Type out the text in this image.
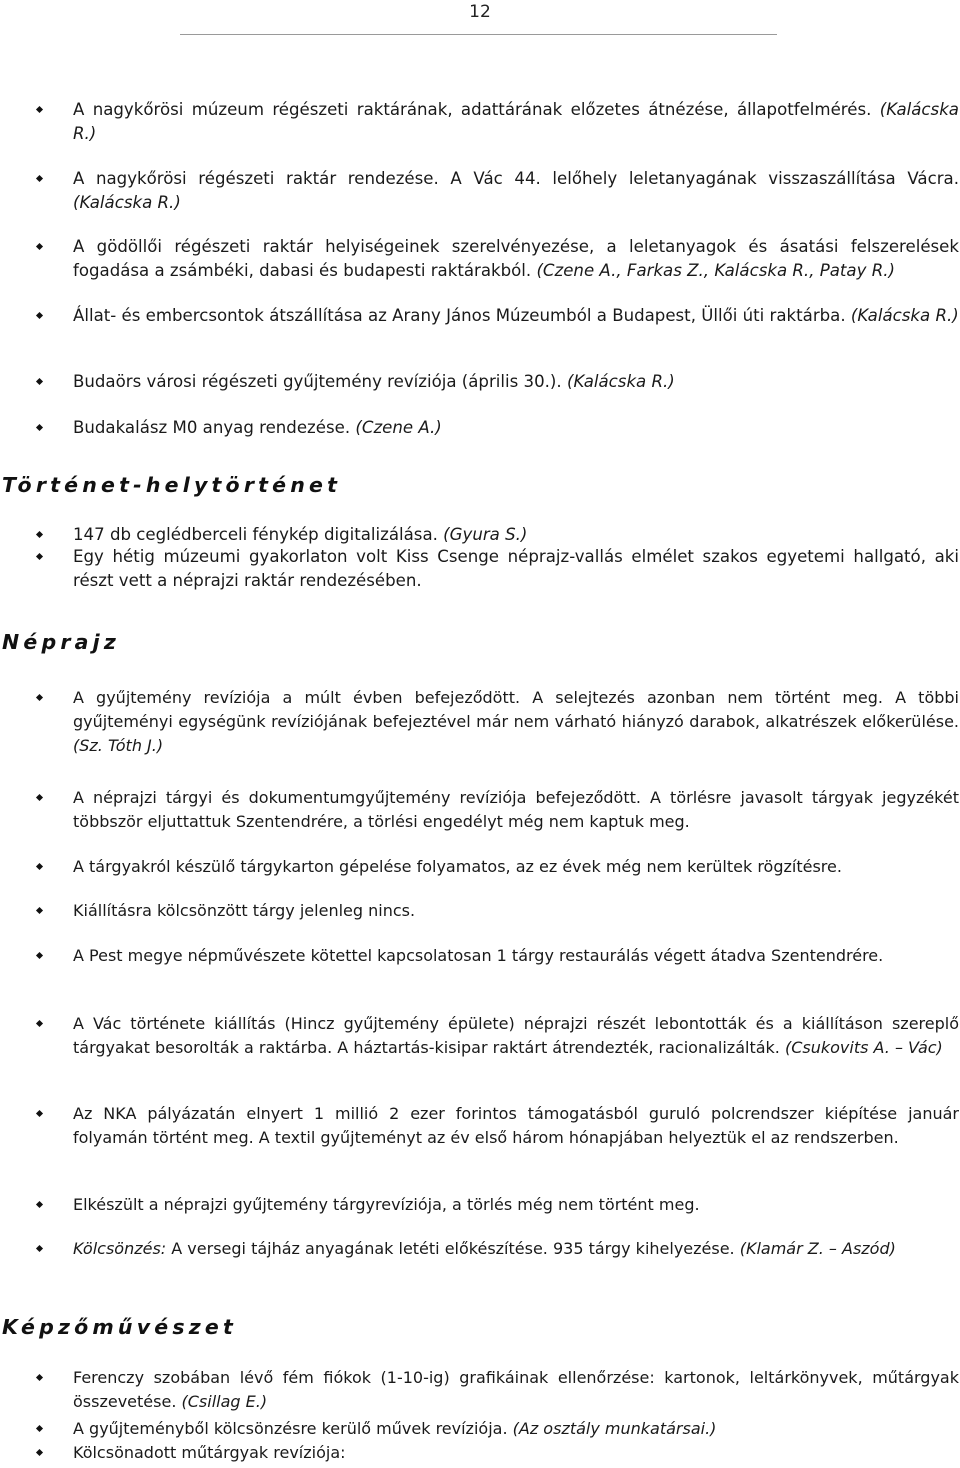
12
A nagykőrösi múzeum régészeti raktárának, adattárának előzetes átnézése, állapotfelmérés. (Kalácska R.)
A nagykőrösi régészeti raktár rendezése. A Vác 44. lelőhely leletanyagának visszaszállítása Vácra. (Kalácska R.)
A gödöllői régészeti raktár helyiségeinek szerelvényezése, a leletanyagok és ásatási felszerelések fogadása a zsámbéki, dabasi és budapesti raktárakból. (Czene A., Farkas Z., Kalácska R., Patay R.)
Állat- és embercsontok átszállítása az Arany János Múzeumból a Budapest, Üllői úti raktárba. (Kalácska R.)
Budaörs városi régészeti gyűjtemény revíziója (április 30.). (Kalácska R.)
Budakalász M0 anyag rendezése. (Czene A.)
Történet-helytörténet
147 db ceglédberceli fénykép digitalizálása. (Gyura S.)
Egy hétig múzeumi gyakorlaton volt Kiss Csenge néprajz-vallás elmélet szakos egyetemi hallgató, aki részt vett a néprajzi raktár rendezésében.
Néprajz
A gyűjtemény revíziója a múlt évben befejeződött. A selejtezés azonban nem történt meg. A többi gyűjteményi egységünk revíziójának befejeztével már nem várható hiányzó darabok, alkatrészek előkerülése. (Sz. Tóth J.)
A néprajzi tárgyi és dokumentumgyűjtemény revíziója befejeződött. A törlésre javasolt tárgyak jegyzékét többször eljuttattuk Szentendrére, a törlési engedélyt még nem kaptuk meg.
A tárgyakról készülő tárgykarton gépelése folyamatos, az ez évek még nem kerültek rögzítésre.
Kiállításra kölcsönzött tárgy jelenleg nincs.
A Pest megye népművészete kötettel kapcsolatosan 1 tárgy restaurálás végett átadva Szentendrére.
A Vác története kiállítás (Hincz gyűjtemény épülete) néprajzi részét lebontották és a kiállításon szereplő tárgyakat besorolták a raktárba. A háztartás-kisipar raktárt átrendezték, racionalizálták. (Csukovits A. – Vác)
Az NKA pályázatán elnyert 1 millió 2 ezer forintos támogatásból guruló polcrendszer kiépítése január folyamán történt meg. A textil gyűjteményt az év első három hónapjában helyeztük el az rendszerben.
Elkészült a néprajzi gyűjtemény tárgyrevíziója, a törlés még nem történt meg.
Kölcsönzés: A versegi tájház anyagának letéti előkészítése. 935 tárgy kihelyezése. (Klamár Z. – Aszód)
Képzőművészet
Ferenczy szobában lévő fém fiókok (1-10-ig) grafikáinak ellenőrzése: kartonok, leltárkönyvek, műtárgyak összevetése. (Csillag E.)
A gyűjteményből kölcsönzésre kerülő művek revíziója. (Az osztály munkatársai.)
Kölcsönadott műtárgyak revíziója:
